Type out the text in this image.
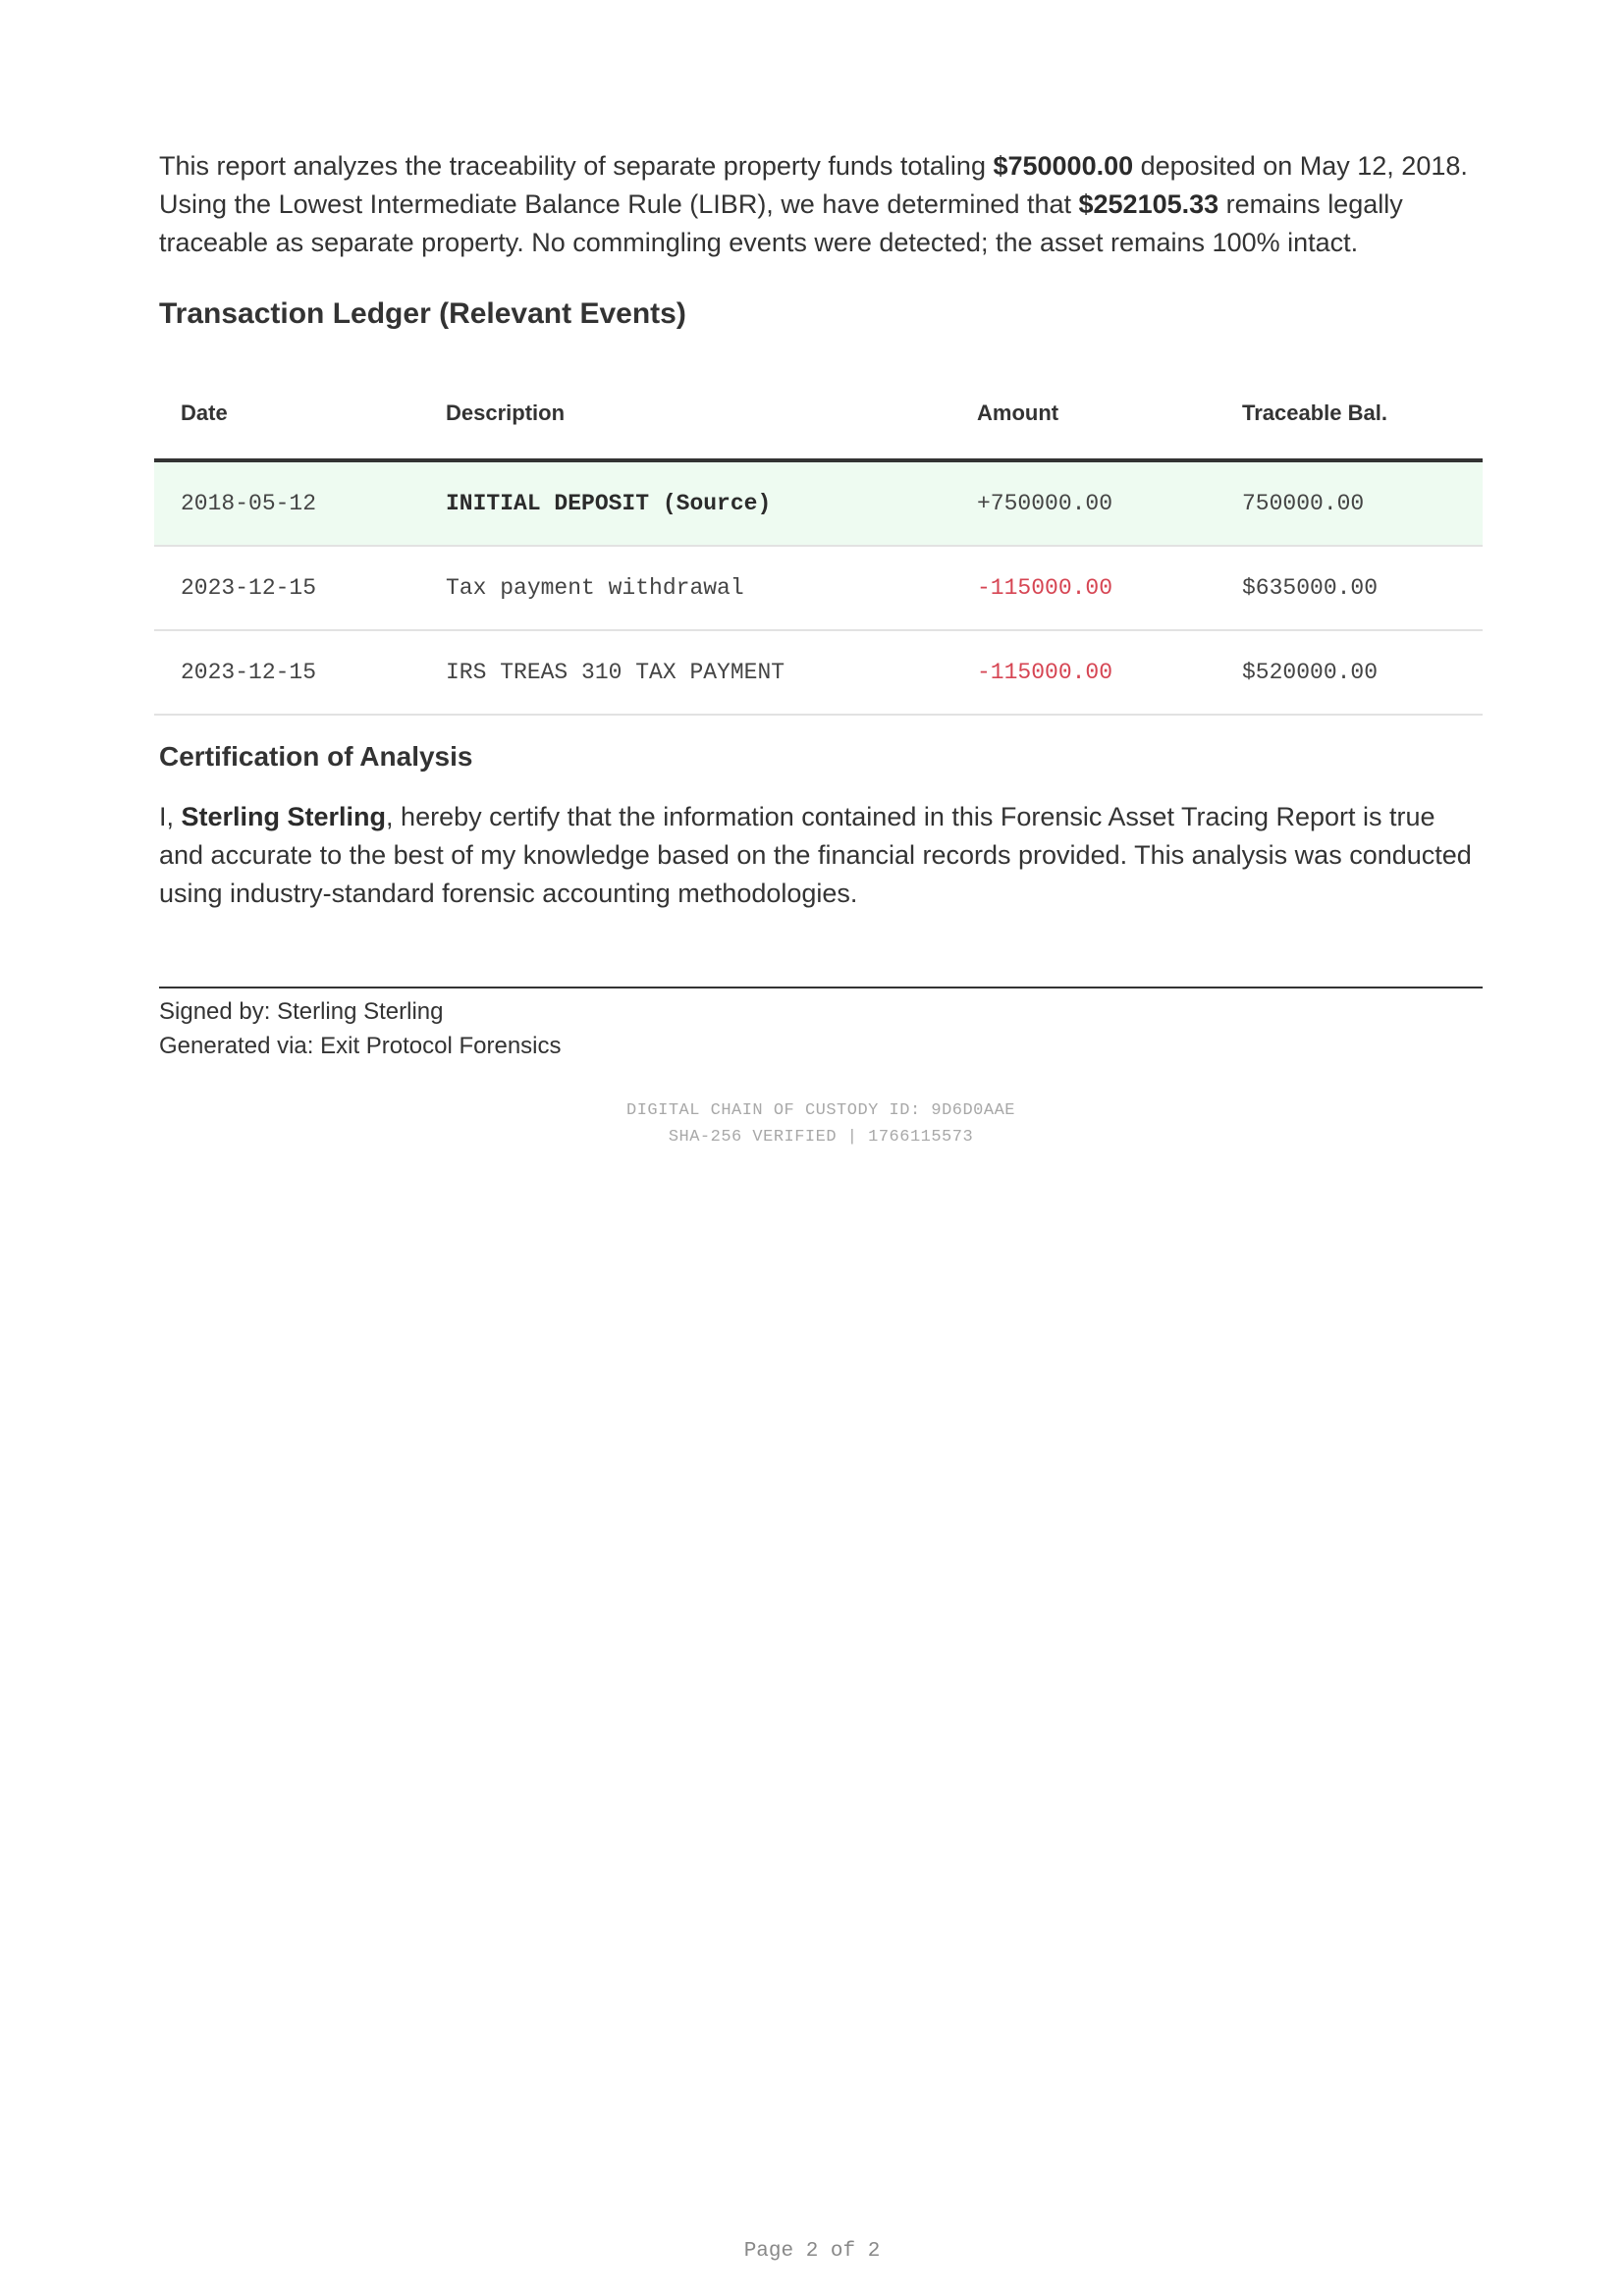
This report analyzes the traceability of separate property funds totaling $750000.00 deposited on May 12, 2018. Using the Lowest Intermediate Balance Rule (LIBR), we have determined that $252105.33 remains legally traceable as separate property. No commingling events were detected; the asset remains 100% intact.

Transaction Ledger (Relevant Events)
Date	Description	Amount	Traceable Bal.
2018-05-12	INITIAL DEPOSIT (Source)	+750000.00	750000.00
2023-12-15	Tax payment withdrawal	-115000.00	$635000.00
2023-12-15	IRS TREAS 310 TAX PAYMENT	-115000.00	$520000.00
Certification of Analysis

I, Sterling Sterling, hereby certify that the information contained in this Forensic Asset Tracing Report is true and accurate to the best of my knowledge based on the financial records provided. This analysis was conducted using industry-standard forensic accounting methodologies.

Signed by: Sterling Sterling
Generated via: Exit Protocol Forensics
DIGITAL CHAIN OF CUSTODY ID: 9D6D0AAE
SHA-256 VERIFIED | 1766115573
Page 2 of 2
